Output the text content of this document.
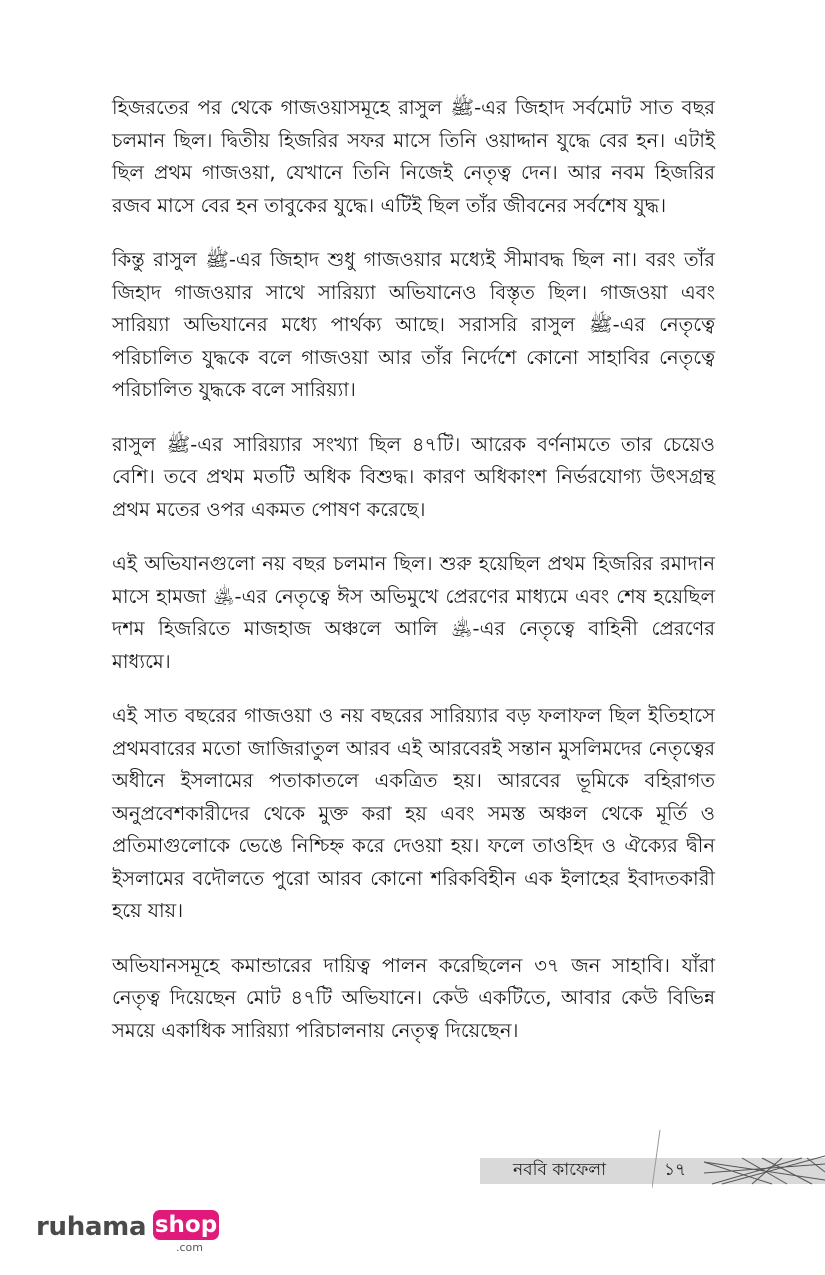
হিজরতের পর থেকে গাজওয়াসমূহে রাসুল ﷺ-এর জিহাদ সর্বমোট সাত বছর চলমান ছিল। দ্বিতীয় হিজরির সফর মাসে তিনি ওয়াদ্দান যুদ্ধে বের হন। এটাই ছিল প্রথম গাজওয়া, যেখানে তিনি নিজেই নেতৃত্ব দেন। আর নবম হিজরির রজব মাসে বের হন তাবুকের যুদ্ধে। এটিই ছিল তাঁর জীবনের সর্বশেষ যুদ্ধ।

কিন্তু রাসুল ﷺ-এর জিহাদ শুধু গাজওয়ার মধ্যেই সীমাবদ্ধ ছিল না। বরং তাঁর জিহাদ গাজওয়ার সাথে সারিয়্যা অভিযানেও বিস্তৃত ছিল। গাজওয়া এবং সারিয়্যা অভিযানের মধ্যে পার্থক্য আছে। সরাসরি রাসুল ﷺ-এর নেতৃত্বে পরিচালিত যুদ্ধকে বলে গাজওয়া আর তাঁর নির্দেশে কোনো সাহাবির নেতৃত্বে পরিচালিত যুদ্ধকে বলে সারিয়্যা।

রাসুল ﷺ-এর সারিয়্যার সংখ্যা ছিল ৪৭টি। আরেক বর্ণনামতে তার চেয়েও বেশি। তবে প্রথম মতটি অধিক বিশুদ্ধ। কারণ অধিকাংশ নির্ভরযোগ্য উৎসগ্রন্থ প্রথম মতের ওপর একমত পোষণ করেছে।

এই অভিযানগুলো নয় বছর চলমান ছিল। শুরু হয়েছিল প্রথম হিজরির রমাদান মাসে হামজা ﵁-এর নেতৃত্বে ঈস অভিমুখে প্রেরণের মাধ্যমে এবং শেষ হয়েছিল দশম হিজরিতে মাজহাজ অঞ্চলে আলি ﵁-এর নেতৃত্বে বাহিনী প্রেরণের মাধ্যমে।

এই সাত বছরের গাজওয়া ও নয় বছরের সারিয়্যার বড় ফলাফল ছিল ইতিহাসে প্রথমবারের মতো জাজিরাতুল আরব এই আরবেরই সন্তান মুসলিমদের নেতৃত্বের অধীনে ইসলামের পতাকাতলে একত্রিত হয়। আরবের ভূমিকে বহিরাগত অনুপ্রবেশকারীদের থেকে মুক্ত করা হয় এবং সমস্ত অঞ্চল থেকে মূর্তি ও প্রতিমাগুলোকে ভেঙে নিশ্চিহ্ন করে দেওয়া হয়। ফলে তাওহিদ ও ঐক্যের দ্বীন ইসলামের বদৌলতে পুরো আরব কোনো শরিকবিহীন এক ইলাহের ইবাদতকারী হয়ে যায়।

অভিযানসমূহে কমান্ডারের দায়িত্ব পালন করেছিলেন ৩৭ জন সাহাবি। যাঁরা নেতৃত্ব দিয়েছেন মোট ৪৭টি অভিযানে। কেউ একটিতে, আবার কেউ বিভিন্ন সময়ে একাধিক সারিয়্যা পরিচালনায় নেতৃত্ব দিয়েছেন।

নববি কাফেলা	১৭
ruhama shop
.com
